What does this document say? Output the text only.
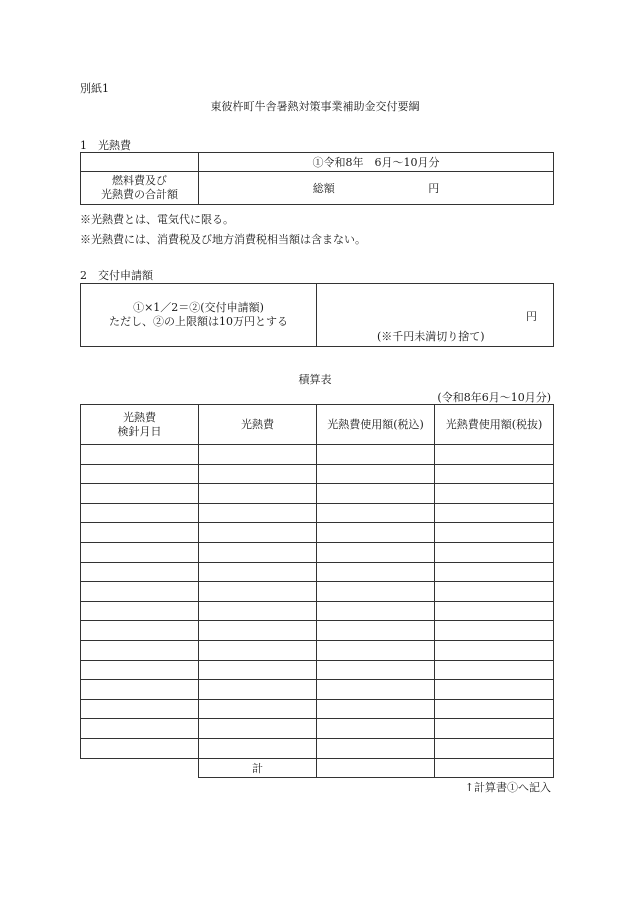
別紙1
東彼杵町牛舎暑熱対策事業補助金交付要綱
1　光熱費
	①令和8年　6月〜10月分

燃料費及び
光熱費の合計額	総額 円
※光熱費とは、電気代に限る。
※光熱費には、消費税及び地方消費税相当額は含まない。
2　交付申請額
①×1／2＝②(交付申請額)
ただし、②の上限額は10万円とする	円
(※千円未満切り捨て)
積算表
(令和8年6月〜10月分)
光熱費
検針月日	光熱費	光熱費使用額(税込)	光熱費使用額(税抜)

	計		
↑計算書①へ記入
